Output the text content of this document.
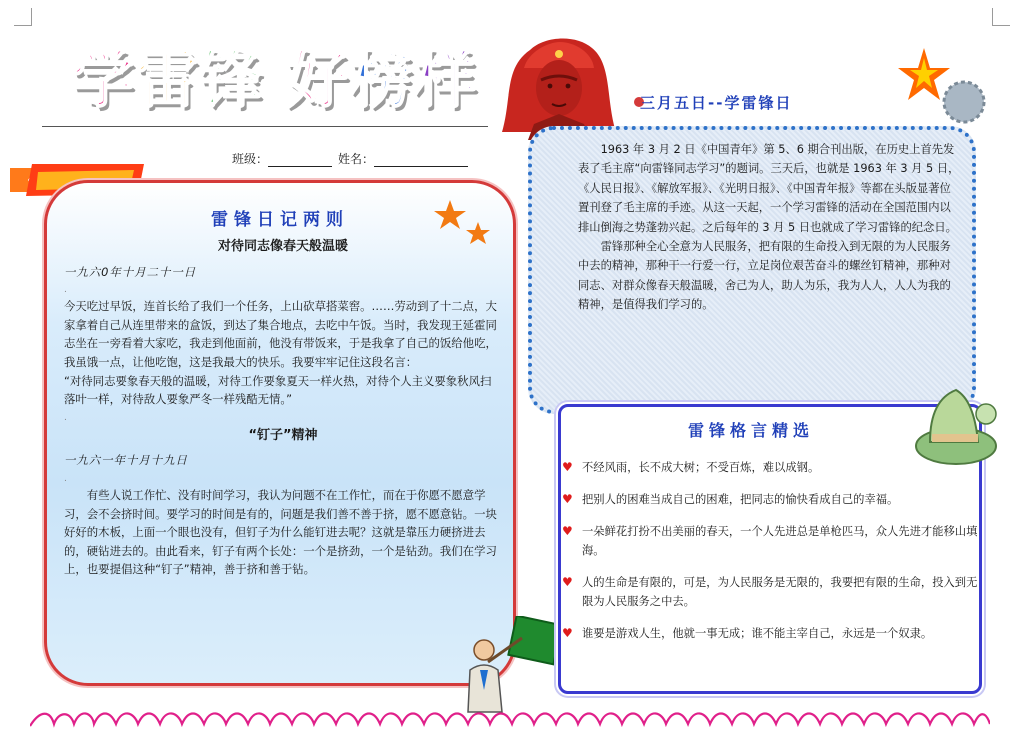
学 雷 锋 好 榜 样
班级：	姓名：
雷锋日记两则

对待同志像春天般温暖

一九六0年十月二十一日

.

今天吃过早饭，连首长给了我们一个任务，上山砍草搭菜窖。……劳动到了十二点，大家拿着自己从连里带来的盒饭，到达了集合地点，去吃中午饭。当时，我发现王延霍同志坐在一旁看着大家吃，我走到他面前，他没有带饭来，于是我拿了自己的饭给他吃，我虽饿一点，让他吃饱，这是我最大的快乐。我要牢牢记住这段名言：

“对待同志要象春天般的温暖，对待工作要象夏天一样火热，对待个人主义要象秋风扫落叶一样，对待敌人要象严冬一样残酷无情。”

.

“钉子”精神

一九六一年十月十九日

.

有些人说工作忙、没有时间学习，我认为问题不在工作忙，而在于你愿不愿意学习，会不会挤时间。要学习的时间是有的，问题是我们善不善于挤，愿不愿意钻。一块好好的木板，上面一个眼也没有，但钉子为什么能钉进去呢？这就是靠压力硬挤进去的，硬钻进去的。由此看来，钉子有两个长处：一个是挤劲，一个是钻劲。我们在学习上，也要提倡这种“钉子”精神，善于挤和善于钻。

三月五日--学雷锋日

1963 年 3 月 2 日《中国青年》第 5、6 期合刊出版，在历史上首先发表了毛主席“向雷锋同志学习”的题词。三天后，也就是 1963 年 3 月 5 日，《人民日报》、《解放军报》、《光明日报》、《中国青年报》等都在头版显著位置刊登了毛主席的手迹。从这一天起，一个学习雷锋的活动在全国范围内以排山倒海之势蓬勃兴起。之后每年的 3 月 5 日也就成了学习雷锋的纪念日。

雷锋那种全心全意为人民服务，把有限的生命投入到无限的为人民服务中去的精神，那种干一行爱一行，立足岗位艰苦奋斗的螺丝钉精神，那种对同志、对群众像春天般温暖，舍己为人，助人为乐，我为人人，人人为我的精神，是值得我们学习的。

雷锋格言精选
♥ 不经风雨，长不成大树；不受百炼，难以成钢。
♥ 把别人的困难当成自己的困难，把同志的愉快看成自己的幸福。
♥ 一朵鲜花打扮不出美丽的春天，一个人先进总是单枪匹马，众人先进才能移山填海。
♥ 人的生命是有限的，可是，为人民服务是无限的，我要把有限的生命，投入到无限为人民服务之中去。
♥ 谁要是游戏人生，他就一事无成；谁不能主宰自己，永远是一个奴隶。
